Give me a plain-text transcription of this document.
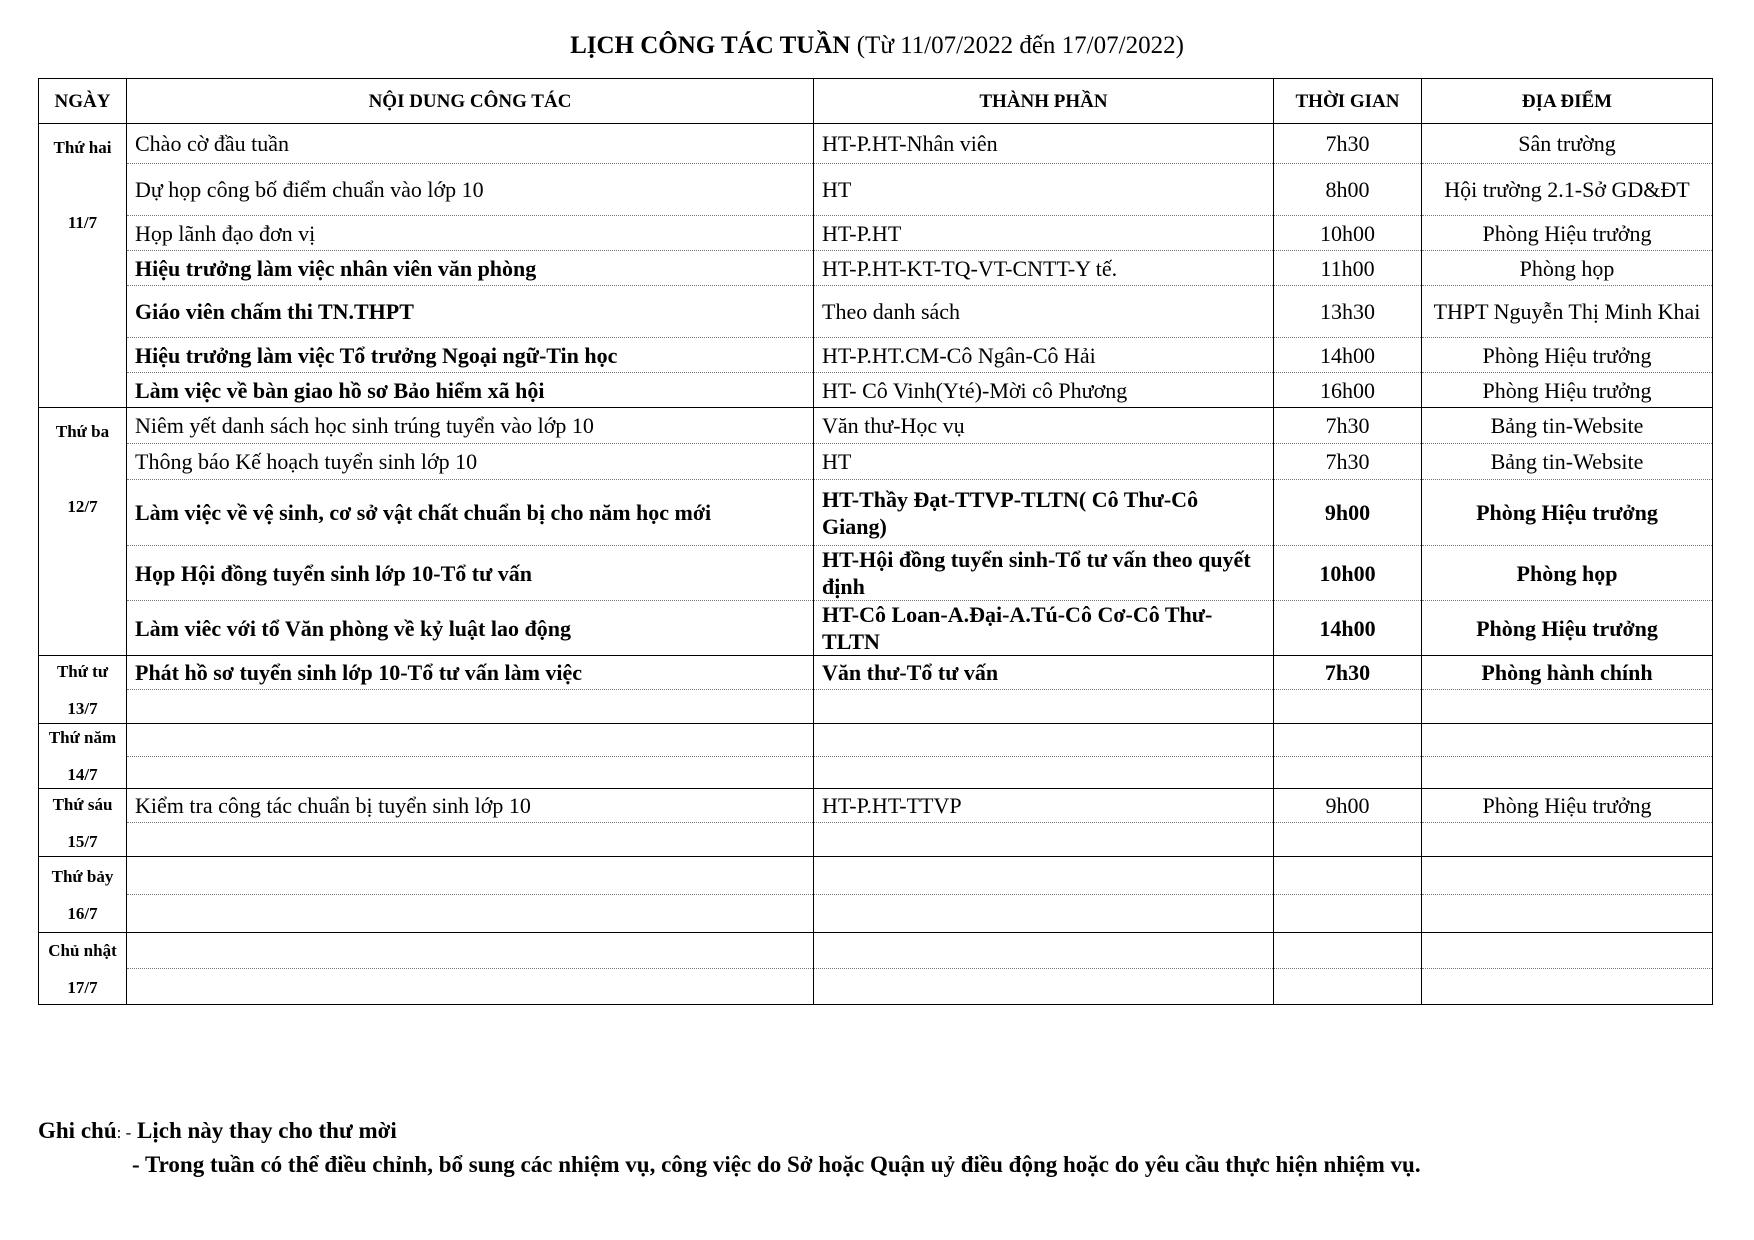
LỊCH CÔNG TÁC TUẦN (Từ 11/07/2022 đến 17/07/2022)
NGÀY	NỘI DUNG CÔNG TÁC	THÀNH PHẦN	THỜI GIAN	ĐỊA ĐIỂM

Thứ hai
11/7	Chào cờ đầu tuần	HT-P.HT-Nhân viên	7h30	Sân trường
	Dự họp công bố điểm chuẩn vào lớp 10	HT	8h00	Hội trường 2.1-Sở GD&ĐT
	Họp lãnh đạo đơn vị	HT-P.HT	10h00	Phòng Hiệu trưởng
	Hiệu trưởng làm việc nhân viên văn phòng	HT-P.HT-KT-TQ-VT-CNTT-Y tế.	11h00	Phòng họp
	Giáo viên chấm thi TN.THPT	Theo danh sách	13h30	THPT Nguyễn Thị Minh Khai
	Hiệu trưởng làm việc Tổ trưởng Ngoại ngữ-Tin học	HT-P.HT.CM-Cô Ngân-Cô Hải	14h00	Phòng Hiệu trưởng
	Làm việc về bàn giao hồ sơ Bảo hiểm xã hội	HT- Cô Vinh(Yté)-Mời cô Phương	16h00	Phòng Hiệu trưởng

Thứ ba
12/7	Niêm yết danh sách học sinh trúng tuyển vào lớp 10	Văn thư-Học vụ	7h30	Bảng tin-Website
	Thông báo Kế hoạch tuyển sinh lớp 10	HT	7h30	Bảng tin-Website
	Làm việc về vệ sinh, cơ sở vật chất chuẩn bị cho năm học mới	HT-Thầy Đạt-TTVP-TLTN( Cô Thư-Cô Giang)	9h00	Phòng Hiệu trưởng
	Họp Hội đồng tuyển sinh lớp 10-Tổ tư vấn	HT-Hội đồng tuyển sinh-Tổ tư vấn theo quyết định	10h00	Phòng họp
	Làm viêc với tổ Văn phòng về kỷ luật lao động	HT-Cô Loan-A.Đại-A.Tú-Cô Cơ-Cô Thư-TLTN	14h00	Phòng Hiệu trưởng

Thứ tư
13/7	Phát hồ sơ tuyển sinh lớp 10-Tổ tư vấn làm việc	Văn thư-Tổ tư vấn	7h30	Phòng hành chính

Thứ năm
14/7				

Thứ sáu
15/7	Kiểm tra công tác chuẩn bị tuyển sinh lớp 10	HT-P.HT-TTVP	9h00	Phòng Hiệu trưởng

Thứ bảy
16/7				

Chủ nhật
17/7				

Ghi chú: - Lịch này thay cho thư mời
- Trong tuần có thể điều chỉnh, bổ sung các nhiệm vụ, công việc do Sở hoặc Quận uỷ điều động hoặc do yêu cầu thực hiện nhiệm vụ.
